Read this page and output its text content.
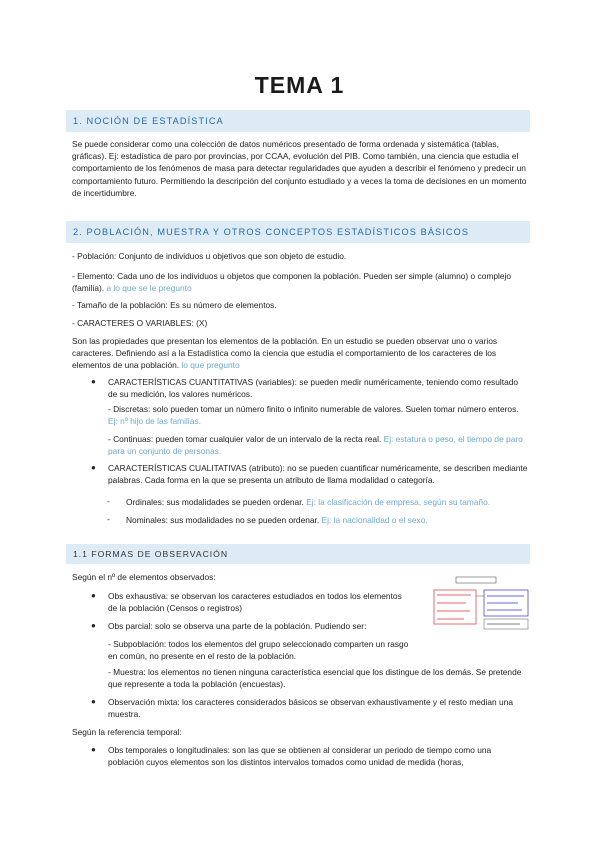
TEMA 1
1. NOCIÓN DE ESTADÍSTICA

Se puede considerar como una colección de datos numéricos presentado de forma ordenada y sistemática (tablas, gráficas). Ej: estadística de paro por provincias, por CCAA, evolución del PIB. Como también, una ciencia que estudia el comportamiento de los fenómenos de masa para detectar regularidades que ayuden a describir el fenómeno y predecir un comportamiento futuro. Permitiendo la descripción del conjunto estudiado y a veces la toma de decisiones en un momento de incertidumbre.

2. POBLACIÓN, MUESTRA Y OTROS CONCEPTOS ESTADÍSTICOS BÁSICOS

- Población: Conjunto de individuos u objetivos que son objeto de estudio.

- Elemento: Cada uno de los individuos u objetos que componen la población. Pueden ser simple (alumno) o complejo (familia). a lo que se le pregunto

- Tamaño de la población: Es su número de elementos.

- CARACTERES O VARIABLES: (X)

Son las propiedades que presentan los elementos de la población. En un estudio se pueden observar uno o varios caracteres. Definiendo así a la Estadística como la ciencia que estudia el comportamiento de los caracteres de los elementos de una población. lo que pregunto

● CARACTERÍSTICAS CUANTITATIVAS (variables): se pueden medir numéricamente, teniendo como resultado de su medición, los valores numéricos.

- Discretas: solo pueden tomar un número finito o infinito numerable de valores. Suelen tomar número enteros. Ej: nº hijo de las familias.

- Continuas: pueden tomar cualquier valor de un intervalo de la recta real. Ej: estatura o peso, el tiempo de paro para un conjunto de personas.

● CARACTERÍSTICAS CUALITATIVAS (atributo): no se pueden cuantificar numéricamente, se describen mediante palabras. Cada forma en la que se presenta un atributo de llama modalidad o categoría.

- Ordinales: sus modalidades se pueden ordenar. Ej: la clasificación de empresa, según su tamaño.

- Nominales: sus modalidades no se pueden ordenar. Ej: la nacionalidad o el sexo.

1.1 FORMAS DE OBSERVACIÓN

Según el nº de elementos observados:

● Obs exhaustiva: se observan los caracteres estudiados en todos los elementos de la población (Censos o registros)

● Obs parcial: solo se observa una parte de la población. Pudiendo ser:

- Subpoblación: todos los elementos del grupo seleccionado comparten un rasgo en común, no presente en el resto de la población.

- Muestra: los elementos no tienen ninguna característica esencial que los distingue de los demás. Se pretende que represente a toda la población (encuestas).

● Observación mixta: los caracteres considerados básicos se observan exhaustivamente y el resto median una muestra.

Según la referencia temporal:

● Obs temporales o longitudinales: son las que se obtienen al considerar un periodo de tiempo como una población cuyos elementos son los distintos intervalos tomados como unidad de medida (horas,
